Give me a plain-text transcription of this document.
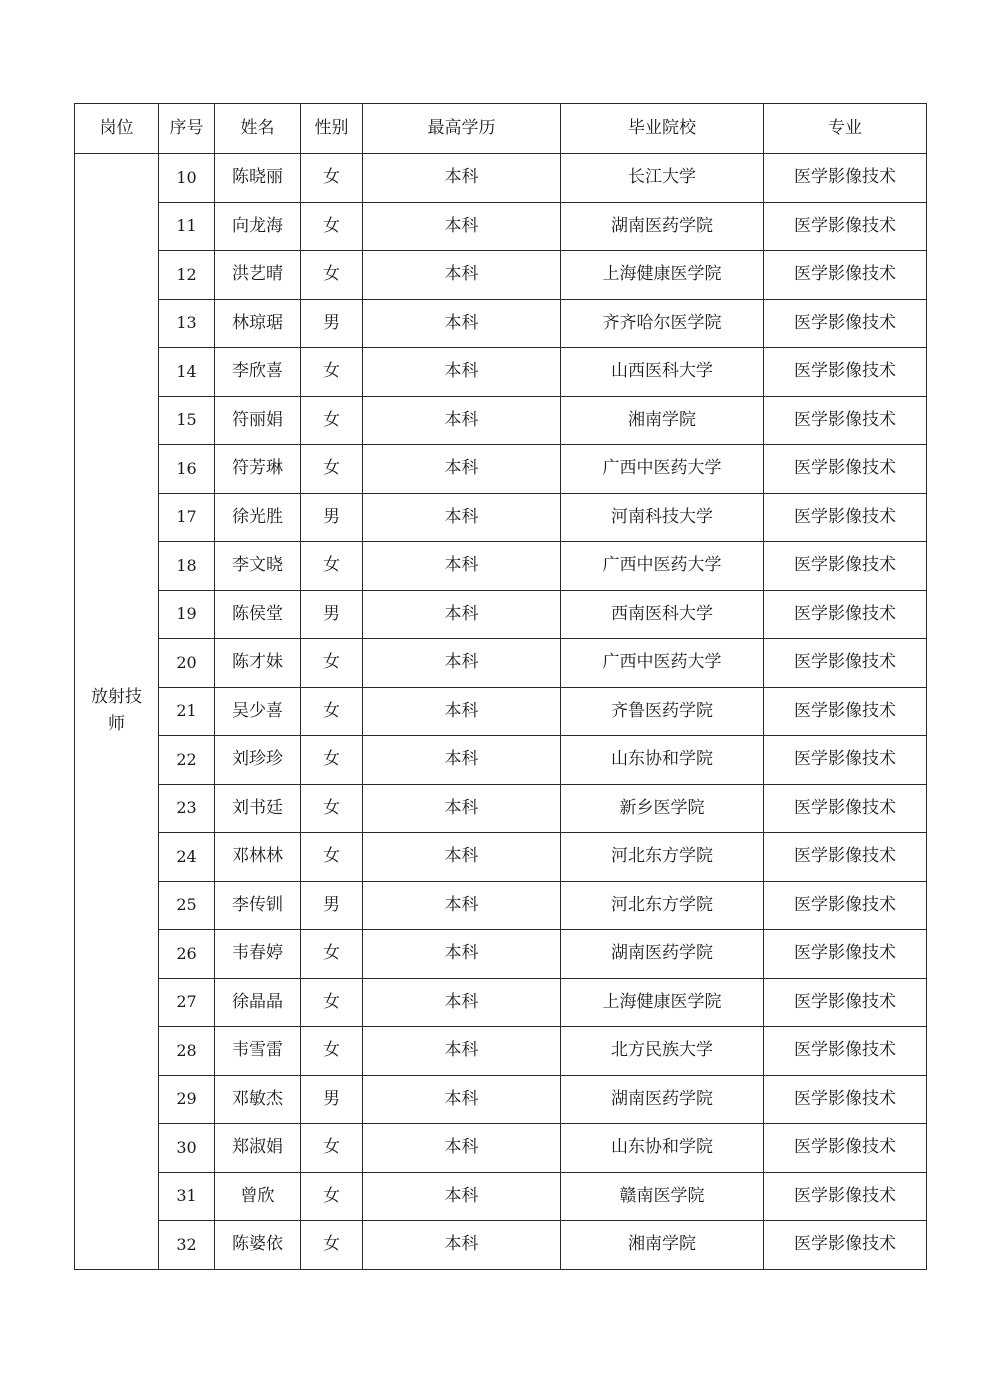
岗位	序号	姓名	性别	最高学历	毕业院校	专业
放射技师	10	陈晓丽	女	本科	长江大学	医学影像技术
	11	向龙海	女	本科	湖南医药学院	医学影像技术
	12	洪艺晴	女	本科	上海健康医学院	医学影像技术
	13	林琼琚	男	本科	齐齐哈尔医学院	医学影像技术
	14	李欣喜	女	本科	山西医科大学	医学影像技术
	15	符丽娟	女	本科	湘南学院	医学影像技术
	16	符芳琳	女	本科	广西中医药大学	医学影像技术
	17	徐光胜	男	本科	河南科技大学	医学影像技术
	18	李文晓	女	本科	广西中医药大学	医学影像技术
	19	陈侯堂	男	本科	西南医科大学	医学影像技术
	20	陈才妹	女	本科	广西中医药大学	医学影像技术
	21	吴少喜	女	本科	齐鲁医药学院	医学影像技术
	22	刘珍珍	女	本科	山东协和学院	医学影像技术
	23	刘书廷	女	本科	新乡医学院	医学影像技术
	24	邓林林	女	本科	河北东方学院	医学影像技术
	25	李传钏	男	本科	河北东方学院	医学影像技术
	26	韦春婷	女	本科	湖南医药学院	医学影像技术
	27	徐晶晶	女	本科	上海健康医学院	医学影像技术
	28	韦雪雷	女	本科	北方民族大学	医学影像技术
	29	邓敏杰	男	本科	湖南医药学院	医学影像技术
	30	郑淑娟	女	本科	山东协和学院	医学影像技术
	31	曾欣	女	本科	赣南医学院	医学影像技术
	32	陈婆依	女	本科	湘南学院	医学影像技术
